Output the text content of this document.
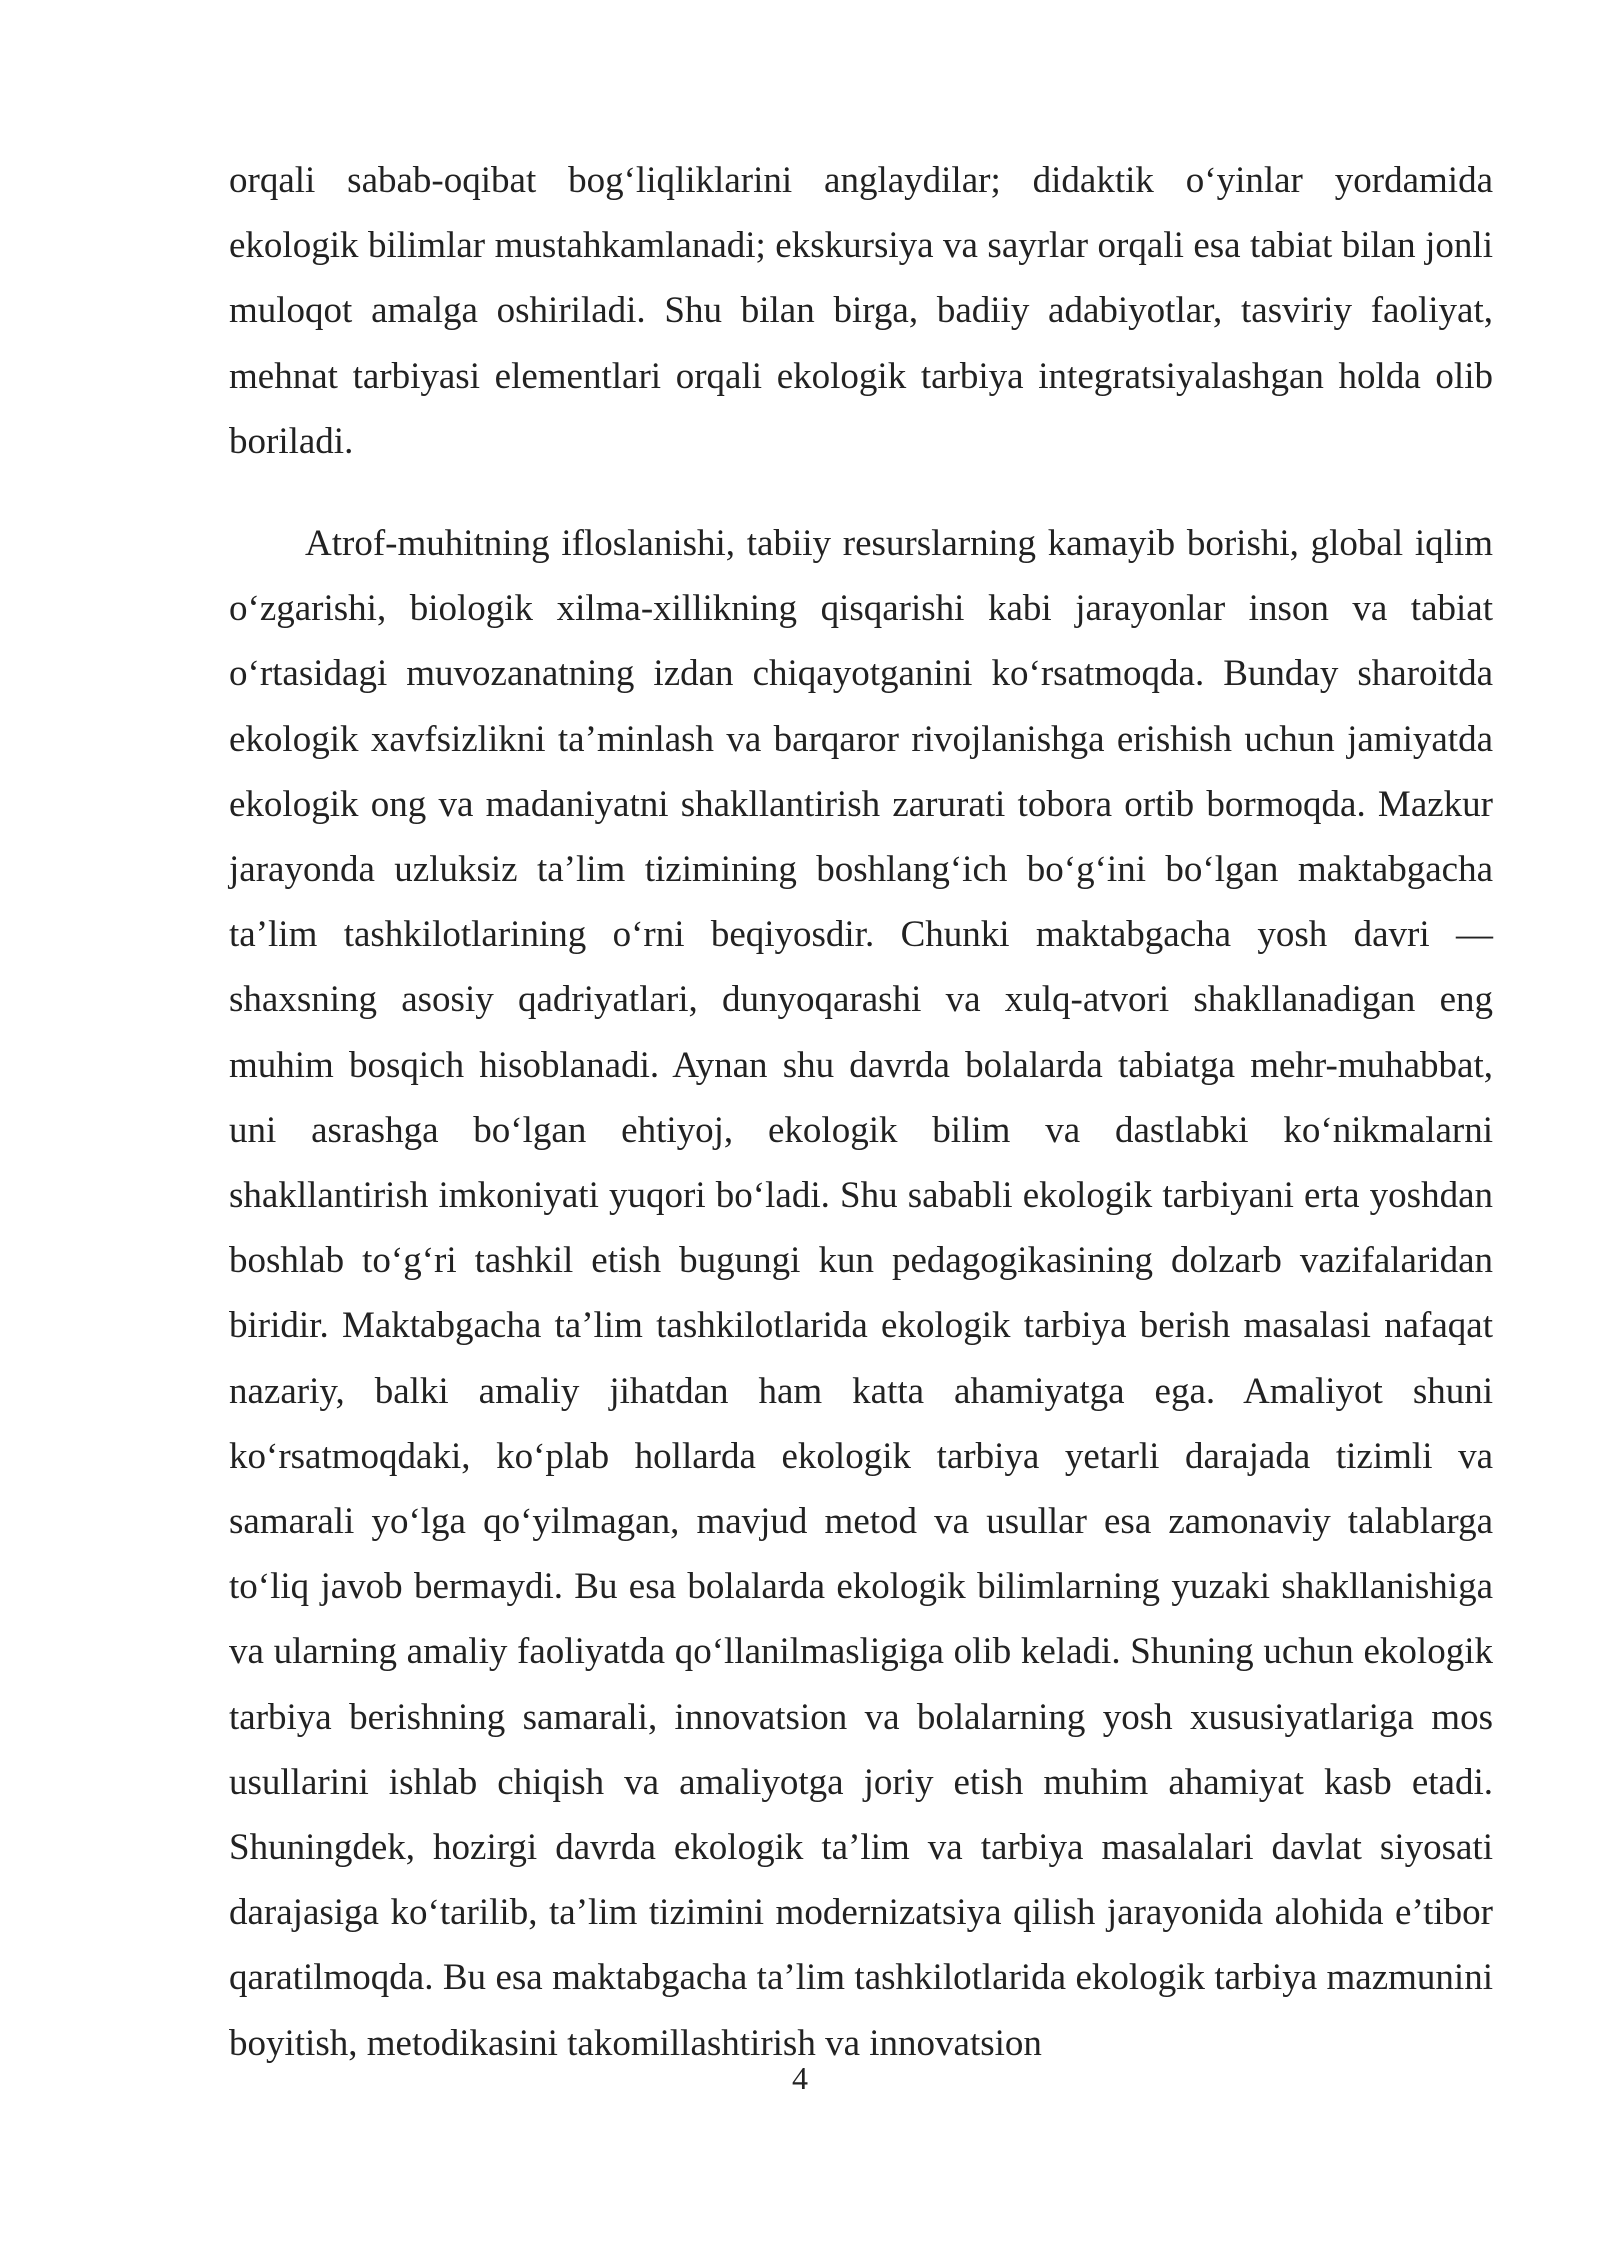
orqali sabab-oqibat bog‘liqliklarini anglaydilar; didaktik o‘yinlar yordamida ekologik bilimlar mustahkamlanadi; ekskursiya va sayrlar orqali esa tabiat bilan jonli muloqot amalga oshiriladi. Shu bilan birga, badiiy adabiyotlar, tasviriy faoliyat, mehnat tarbiyasi elementlari orqali ekologik tarbiya integratsiyalashgan holda olib boriladi.

Atrof-muhitning ifloslanishi, tabiiy resurslarning kamayib borishi, global iqlim o‘zgarishi, biologik xilma-xillikning qisqarishi kabi jarayonlar inson va tabiat o‘rtasidagi muvozanatning izdan chiqayotganini ko‘rsatmoqda. Bunday sharoitda ekologik xavfsizlikni ta’minlash va barqaror rivojlanishga erishish uchun jamiyatda ekologik ong va madaniyatni shakllantirish zarurati tobora ortib bormoqda. Mazkur jarayonda uzluksiz ta’lim tizimining boshlang‘ich bo‘g‘ini bo‘lgan maktabgacha ta’lim tashkilotlarining o‘rni beqiyosdir. Chunki maktabgacha yosh davri — shaxsning asosiy qadriyatlari, dunyoqarashi va xulq-atvori shakllanadigan eng muhim bosqich hisoblanadi. Aynan shu davrda bolalarda tabiatga mehr-muhabbat, uni asrashga bo‘lgan ehtiyoj, ekologik bilim va dastlabki ko‘nikmalarni shakllantirish imkoniyati yuqori bo‘ladi. Shu sababli ekologik tarbiyani erta yoshdan boshlab to‘g‘ri tashkil etish bugungi kun pedagogikasining dolzarb vazifalaridan biridir. Maktabgacha ta’lim tashkilotlarida ekologik tarbiya berish masalasi nafaqat nazariy, balki amaliy jihatdan ham katta ahamiyatga ega. Amaliyot shuni ko‘rsatmoqdaki, ko‘plab hollarda ekologik tarbiya yetarli darajada tizimli va samarali yo‘lga qo‘yilmagan, mavjud metod va usullar esa zamonaviy talablarga to‘liq javob bermaydi. Bu esa bolalarda ekologik bilimlarning yuzaki shakllanishiga va ularning amaliy faoliyatda qo‘llanilmasligiga olib keladi. Shuning uchun ekologik tarbiya berishning samarali, innovatsion va bolalarning yosh xususiyatlariga mos usullarini ishlab chiqish va amaliyotga joriy etish muhim ahamiyat kasb etadi. Shuningdek, hozirgi davrda ekologik ta’lim va tarbiya masalalari davlat siyosati darajasiga ko‘tarilib, ta’lim tizimini modernizatsiya qilish jarayonida alohida e’tibor qaratilmoqda. Bu esa maktabgacha ta’lim tashkilotlarida ekologik tarbiya mazmunini boyitish, metodikasini takomillashtirish va innovatsion

4
